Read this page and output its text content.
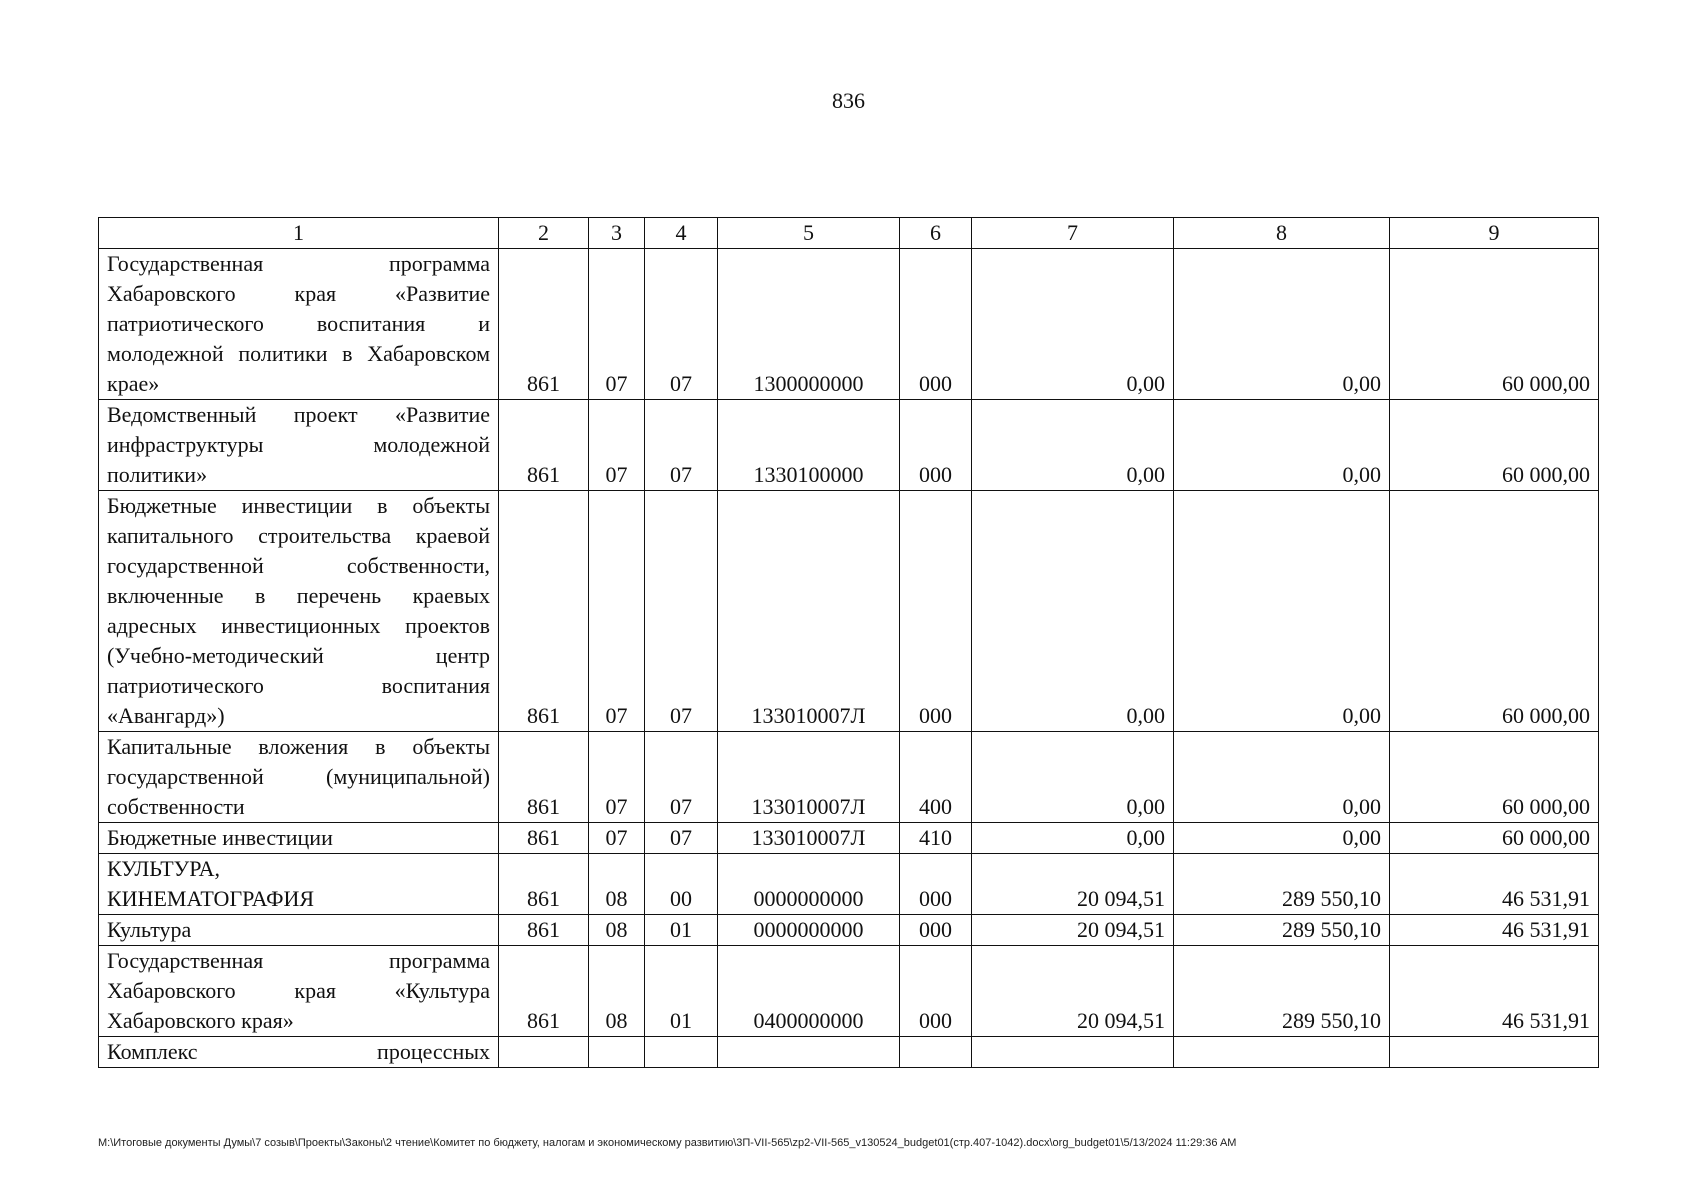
836
1	2	3	4	5	6	7	8	9
Государственная программа Хабаровского края «Развитие патриотического воспитания и молодежной политики в Хабаровском крае»	861	07	07	1300000000	000	0,00	0,00	60 000,00
Ведомственный проект «Развитие инфраструктуры молодежной политики»	861	07	07	1330100000	000	0,00	0,00	60 000,00
Бюджетные инвестиции в объекты капитального строительства краевой государственной собственности, включенные в перечень краевых адресных инвестиционных проектов (Учебно-методический центр патриотического воспитания «Авангард»)	861	07	07	133010007Л	000	0,00	0,00	60 000,00
Капитальные вложения в объекты государственной (муниципальной) собственности	861	07	07	133010007Л	400	0,00	0,00	60 000,00
Бюджетные инвестиции	861	07	07	133010007Л	410	0,00	0,00	60 000,00
КУЛЬТУРА, КИНЕМАТОГРАФИЯ	861	08	00	0000000000	000	20 094,51	289 550,10	46 531,91
Культура	861	08	01	0000000000	000	20 094,51	289 550,10	46 531,91
Государственная программа Хабаровского края «Культура Хабаровского края»	861	08	01	0400000000	000	20 094,51	289 550,10	46 531,91
Комплекс процессных								
M:\Итоговые документы Думы\7 созыв\Проекты\Законы\2 чтение\Комитет по бюджету, налогам и экономическому развитию\3П-VII-565\zp2-VII-565_v130524_budget01(стр.407-1042).docx\org_budget01\5/13/2024 11:29:36 AM
